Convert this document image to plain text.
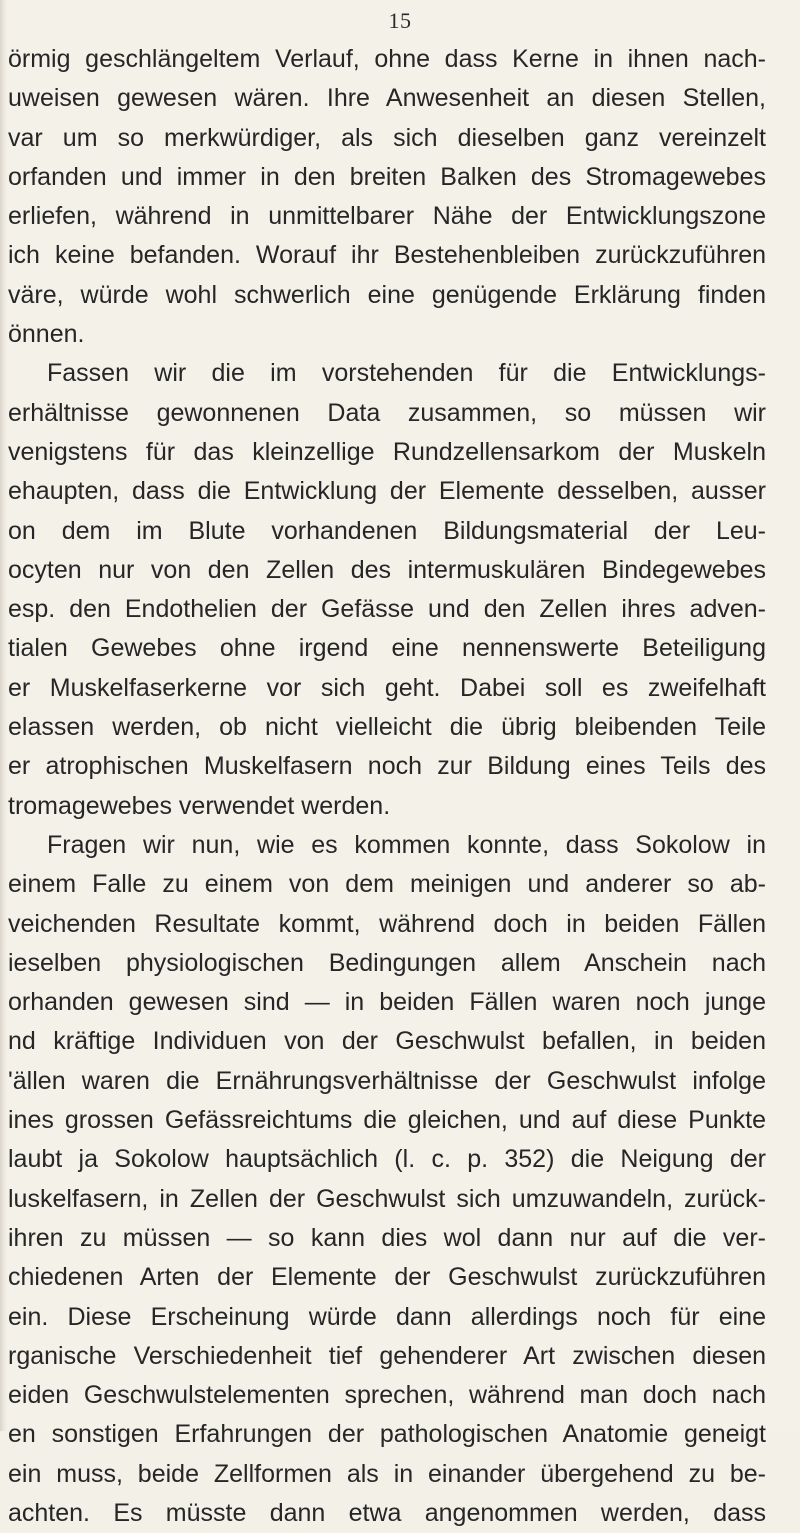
15
örmig geschlängeltem Verlauf, ohne dass Kerne in ihnen nach-
uweisen gewesen wären. Ihre Anwesenheit an diesen Stellen,
var um so merkwürdiger, als sich dieselben ganz vereinzelt
orfanden und immer in den breiten Balken des Stromagewebes
erliefen, während in unmittelbarer Nähe der Entwicklungszone
ich keine befanden. Worauf ihr Bestehenbleiben zurückzuführen
väre, würde wohl schwerlich eine genügende Erklärung finden
önnen.
Fassen wir die im vorstehenden für die Entwicklungs-
erhältnisse gewonnenen Data zusammen, so müssen wir
venigstens für das kleinzellige Rundzellensarkom der Muskeln
ehaupten, dass die Entwicklung der Elemente desselben, ausser
on dem im Blute vorhandenen Bildungsmaterial der Leu-
ocyten nur von den Zellen des intermuskulären Bindegewebes
esp. den Endothelien der Gefässe und den Zellen ihres adven-
tialen Gewebes ohne irgend eine nennenswerte Beteiligung
er Muskelfaserkerne vor sich geht. Dabei soll es zweifelhaft
elassen werden, ob nicht vielleicht die übrig bleibenden Teile
er atrophischen Muskelfasern noch zur Bildung eines Teils des
tromagewebes verwendet werden.
Fragen wir nun, wie es kommen konnte, dass Sokolow in
einem Falle zu einem von dem meinigen und anderer so ab-
veichenden Resultate kommt, während doch in beiden Fällen
ieselben physiologischen Bedingungen allem Anschein nach
orhanden gewesen sind — in beiden Fällen waren noch junge
nd kräftige Individuen von der Geschwulst befallen, in beiden
'ällen waren die Ernährungsverhältnisse der Geschwulst infolge
ines grossen Gefässreichtums die gleichen, und auf diese Punkte
laubt ja Sokolow hauptsächlich (l. c. p. 352) die Neigung der
luskelfasern, in Zellen der Geschwulst sich umzuwandeln, zurück-
ihren zu müssen — so kann dies wol dann nur auf die ver-
chiedenen Arten der Elemente der Geschwulst zurückzuführen
ein. Diese Erscheinung würde dann allerdings noch für eine
rganische Verschiedenheit tief gehenderer Art zwischen diesen
eiden Geschwulstelementen sprechen, während man doch nach
en sonstigen Erfahrungen der pathologischen Anatomie geneigt
ein muss, beide Zellformen als in einander übergehend zu be-
achten. Es müsste dann etwa angenommen werden, dass
